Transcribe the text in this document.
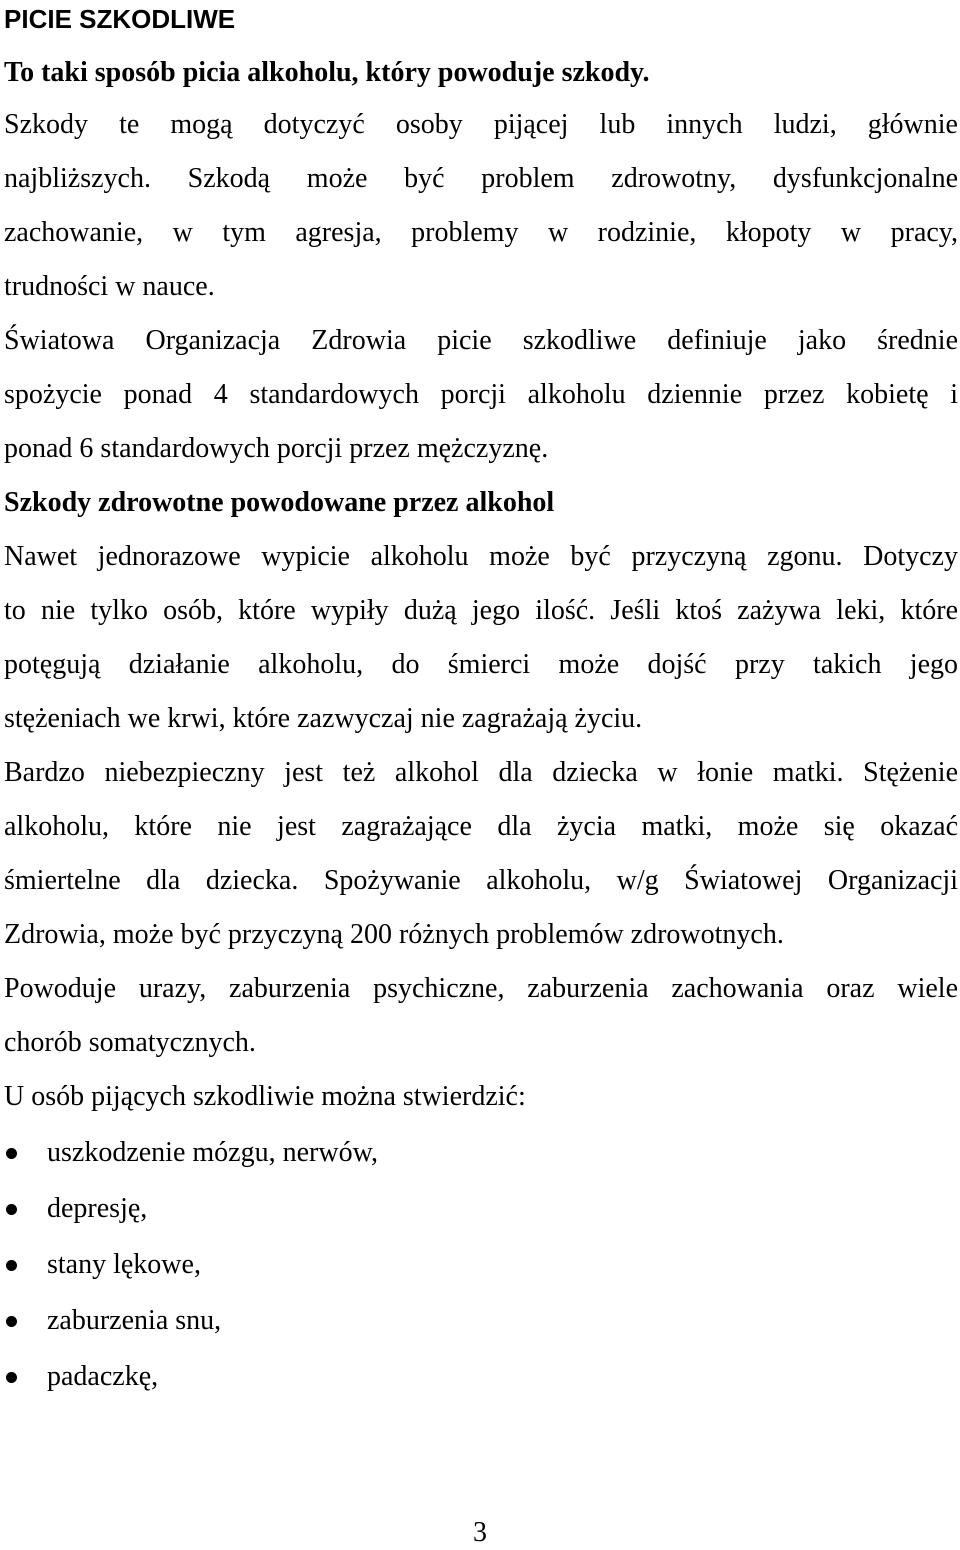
PICIE SZKODLIWE
To taki sposób picia alkoholu, który powoduje szkody.
Szkody te mogą dotyczyć osoby pijącej lub innych ludzi, głównie
najbliższych. Szkodą może być problem zdrowotny, dysfunkcjonalne
zachowanie, w tym agresja, problemy w rodzinie, kłopoty w pracy,
trudności w nauce.
Światowa Organizacja Zdrowia picie szkodliwe definiuje jako średnie
spożycie ponad 4 standardowych porcji alkoholu dziennie przez kobietę i
ponad 6 standardowych porcji przez mężczyznę.
Szkody zdrowotne powodowane przez alkohol
Nawet jednorazowe wypicie alkoholu może być przyczyną zgonu. Dotyczy
to nie tylko osób, które wypiły dużą jego ilość. Jeśli ktoś zażywa leki, które
potęgują działanie alkoholu, do śmierci może dojść przy takich jego
stężeniach we krwi, które zazwyczaj nie zagrażają życiu.
Bardzo niebezpieczny jest też alkohol dla dziecka w łonie matki. Stężenie
alkoholu, które nie jest zagrażające dla życia matki, może się okazać
śmiertelne dla dziecka. Spożywanie alkoholu, w/g Światowej Organizacji
Zdrowia, może być przyczyną 200 różnych problemów zdrowotnych.
Powoduje urazy, zaburzenia psychiczne, zaburzenia zachowania oraz wiele
chorób somatycznych.
U osób pijących szkodliwie można stwierdzić:
uszkodzenie mózgu, nerwów,
depresję,
stany lękowe,
zaburzenia snu,
padaczkę,
3
